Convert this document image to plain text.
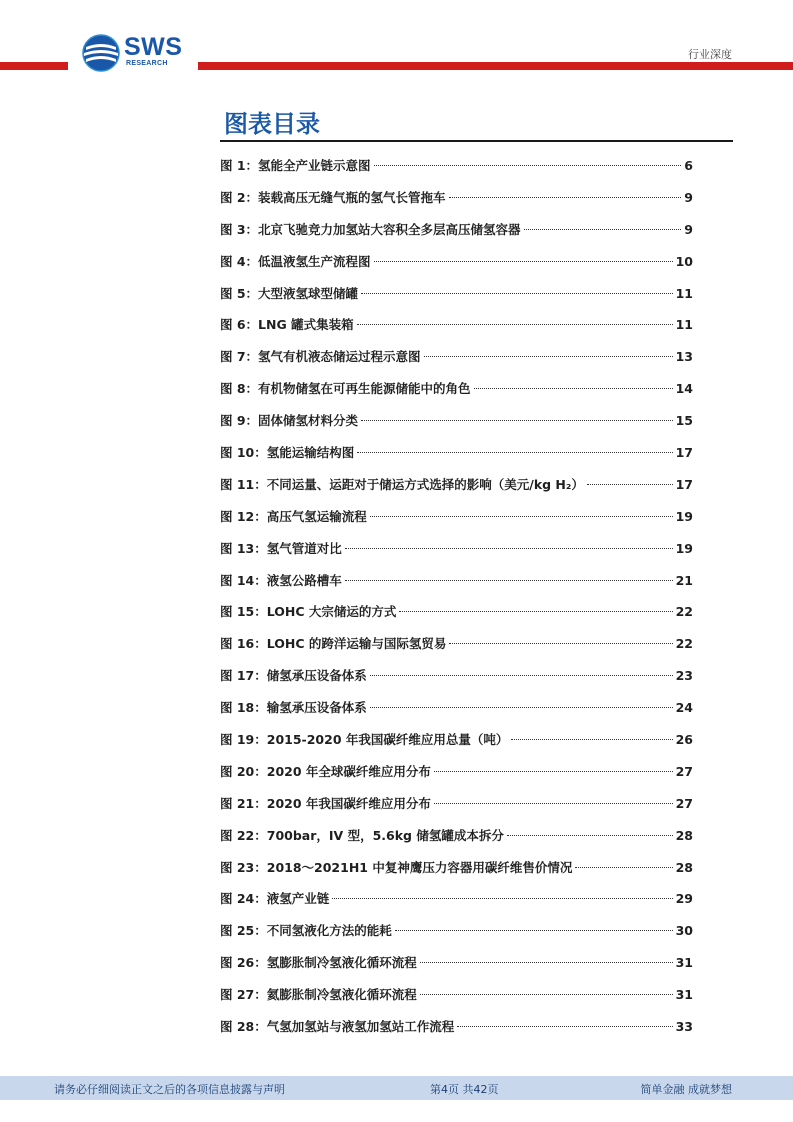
SWS
RESEARCH
行业深度
图表目录
图 1：氢能全产业链示意图	6
图 2：装载高压无缝气瓶的氢气长管拖车	9
图 3：北京飞驰竞力加氢站大容积全多层高压储氢容器	9
图 4：低温液氢生产流程图	10
图 5：大型液氢球型储罐	11
图 6：LNG 罐式集装箱	11
图 7：氢气有机液态储运过程示意图	13
图 8：有机物储氢在可再生能源储能中的角色	14
图 9：固体储氢材料分类	15
图 10：氢能运输结构图	17
图 11：不同运量、运距对于储运方式选择的影响（美元/kg H₂）	17
图 12：高压气氢运输流程	19
图 13：氢气管道对比	19
图 14：液氢公路槽车	21
图 15：LOHC 大宗储运的方式	22
图 16：LOHC 的跨洋运输与国际氢贸易	22
图 17：储氢承压设备体系	23
图 18：输氢承压设备体系	24
图 19：2015-2020 年我国碳纤维应用总量（吨）	26
图 20：2020 年全球碳纤维应用分布	27
图 21：2020 年我国碳纤维应用分布	27
图 22：700bar，IV 型，5.6kg 储氢罐成本拆分	28
图 23：2018～2021H1 中复神鹰压力容器用碳纤维售价情况	28
图 24：液氢产业链	29
图 25：不同氢液化方法的能耗	30
图 26：氢膨胀制冷氢液化循环流程	31
图 27：氦膨胀制冷氢液化循环流程	31
图 28：气氢加氢站与液氢加氢站工作流程	33
请务必仔细阅读正文之后的各项信息披露与声明	第4页 共42页	简单金融 成就梦想
